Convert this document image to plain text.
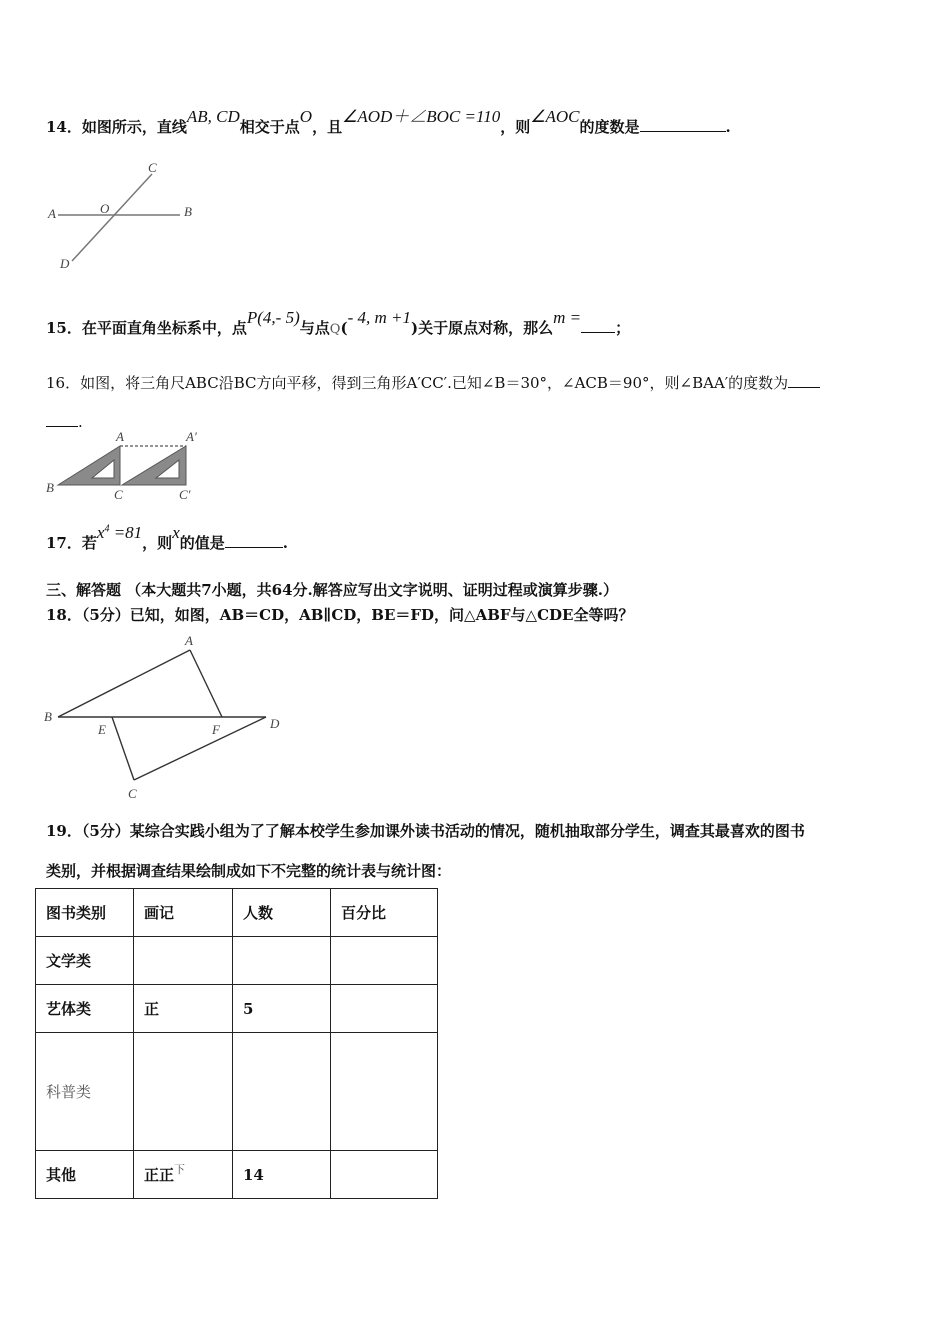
14．如图所示，直线AB, CD相交于点O，且∠AOD＋∠BOC =110，则∠AOC的度数是	.
A	O	B
C
D
15．在平面直角坐标系中，点P(4,- 5)与点Q(- 4, m +1)关于原点对称，那么m =；
16．如图，将三角尺ABC沿BC方向平移，得到三角形A′CC′.已知∠B＝30°，∠ACB＝90°，则∠BAA′的度数为
.
A	A′
B	C	C′
17．若$x^4 =81$，则x的值是	.
三、解答题 （本大题共7小题，共64分.解答应写出文字说明、证明过程或演算步骤.）
18．（5分）已知，如图，AB＝CD，AB∥CD，BE＝FD，问△ABF与△CDE全等吗？
A
B
E	F	D
C
19．（5分）某综合实践小组为了了解本校学生参加课外读书活动的情况，随机抽取部分学生，调查其最喜欢的图书
类别，并根据调查结果绘制成如下不完整的统计表与统计图：
图书类别	画记	人数	百分比
文学类			
艺体类	正	5	
科普类			
其他	正正$^下$	14	
